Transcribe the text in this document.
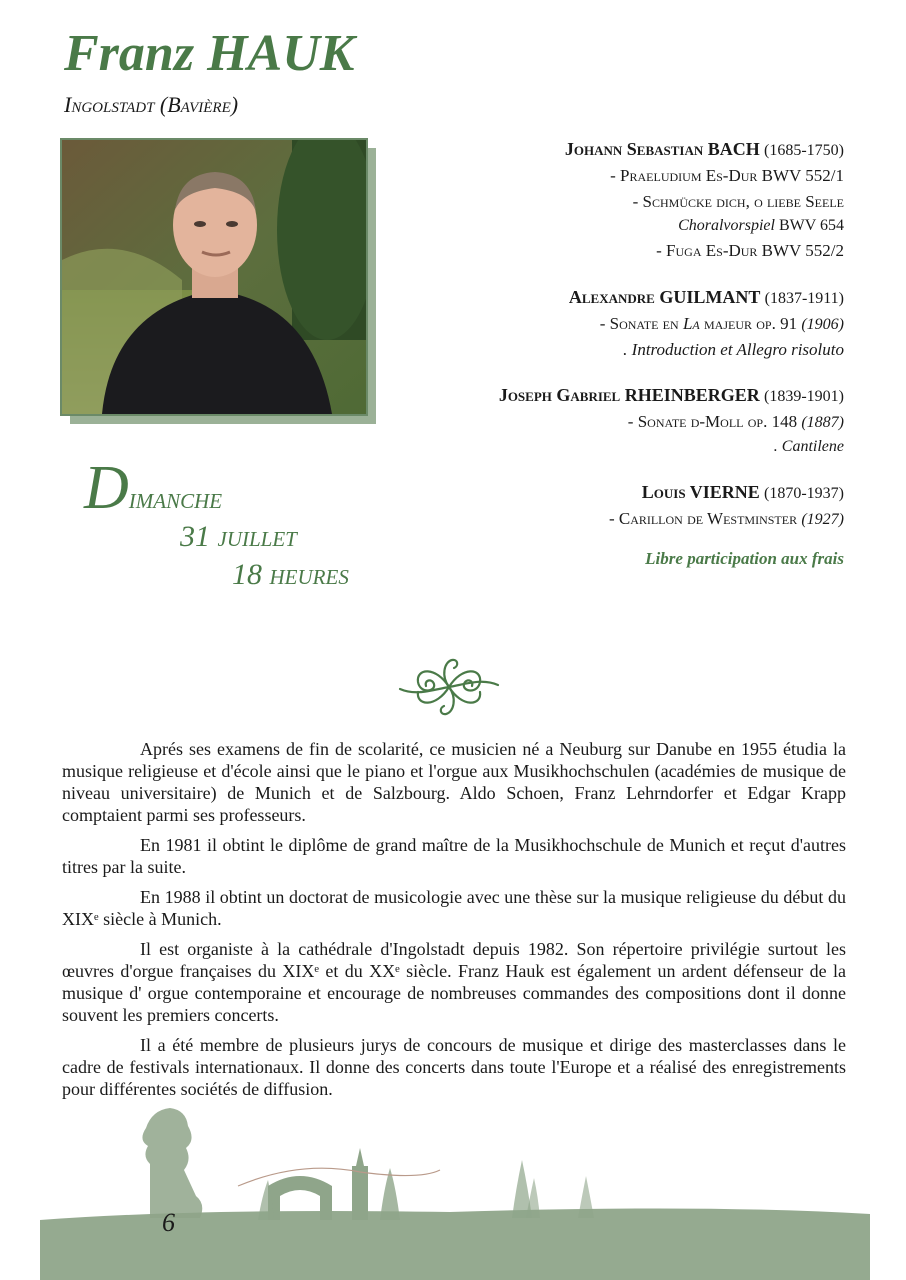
Franz HAUK
Ingolstadt (Bavière)
Johann Sebastian BACH (1685-1750)
- Praeludium Es-Dur BWV 552/1
- Schmücke dich, o liebe Seele
Choralvorspiel BWV 654
- Fuga Es-Dur BWV 552/2
Alexandre GUILMANT (1837-1911)
- Sonate en La majeur op. 91 (1906)
. Introduction et Allegro risoluto
Joseph Gabriel RHEINBERGER (1839-1901)
- Sonate d-Moll op. 148 (1887)
. Cantilene
Louis VIERNE (1870-1937)
- Carillon de Westminster (1927)
Libre participation aux frais
Dimanche
31 juillet
18 heures

Aprés ses examens de fin de scolarité, ce musicien né a Neuburg sur Danube en 1955 étudia la musique religieuse et d'école ainsi que le piano et l'orgue aux Musikhochschulen (académies de musique de niveau universitaire) de Munich et de Salzbourg. Aldo Schoen, Franz Lehrndorfer et Edgar Krapp comptaient parmi ses professeurs.

En 1981 il obtint le diplôme de grand maître de la Musikhochschule de Munich et reçut d'autres titres par la suite.

En 1988 il obtint un doctorat de musicologie avec une thèse sur la musique religieuse du début du XIXᵉ siècle à Munich.

Il est organiste à la cathédrale d'Ingolstadt depuis 1982. Son répertoire privilégie surtout les œuvres d'orgue françaises du XIXᵉ et du XXᵉ siècle. Franz Hauk est également un ardent défenseur de la musique d' orgue contemporaine et encourage de nombreuses commandes des compositions dont il donne souvent les premiers concerts.

Il a été membre de plusieurs jurys de concours de musique et dirige des masterclasses dans le cadre de festivals internationaux. Il donne des concerts dans toute l'Europe et a réalisé des enregistrements pour différentes sociétés de diffusion.

6
